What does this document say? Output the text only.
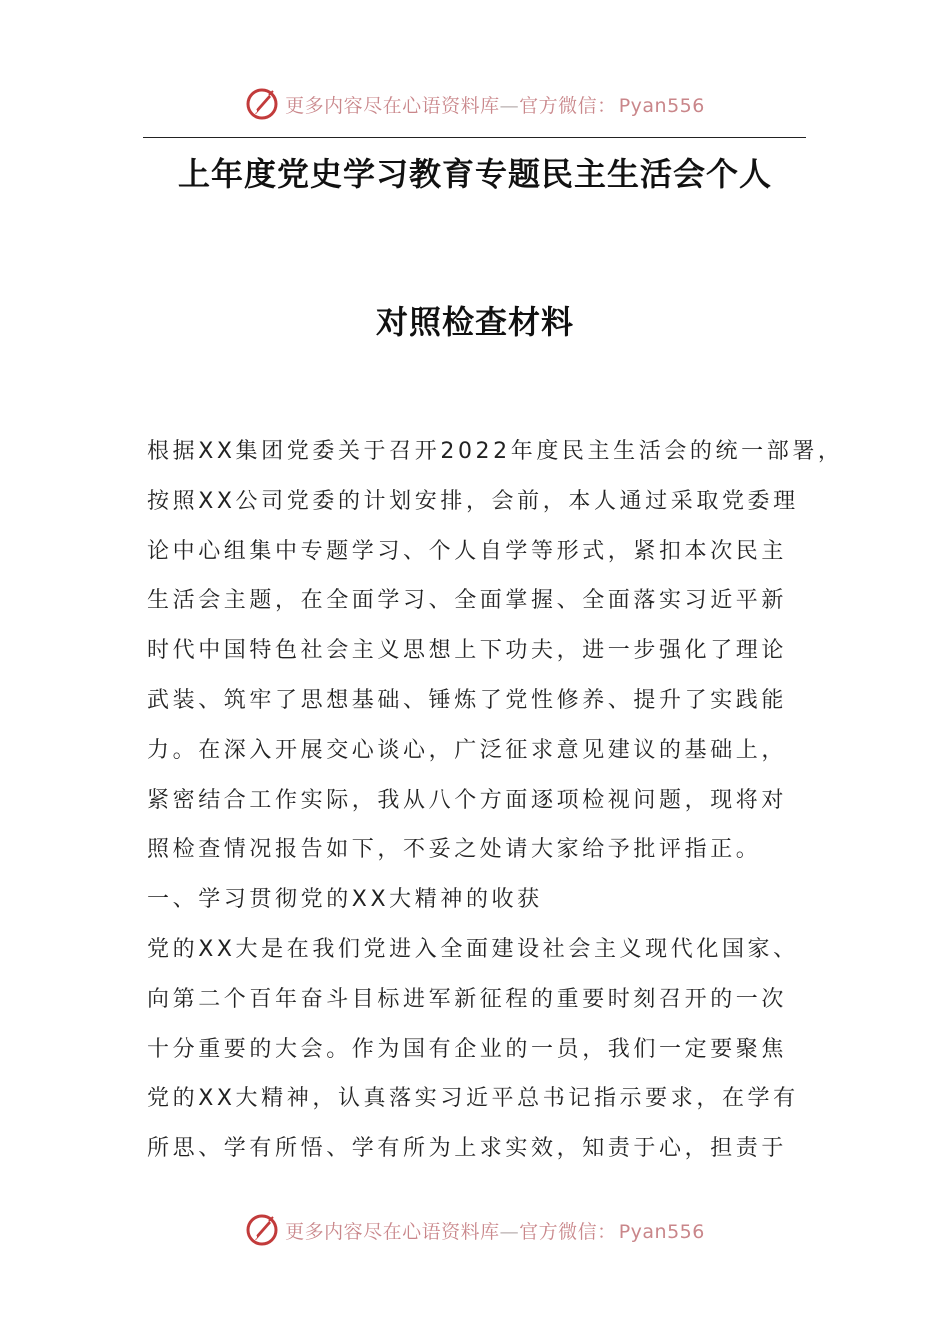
更多内容尽在心语资料库—官方微信： Pyan556
上年度党史学习教育专题民主生活会个人
对照检查材料
根据XX集团党委关于召开2022年度民主生活会的统一部署，
按照XX公司党委的计划安排，会前，本人通过采取党委理
论中心组集中专题学习、个人自学等形式，紧扣本次民主
生活会主题，在全面学习、全面掌握、全面落实习近平新
时代中国特色社会主义思想上下功夫，进一步强化了理论
武装、筑牢了思想基础、锤炼了党性修养、提升了实践能
力。在深入开展交心谈心，广泛征求意见建议的基础上，
紧密结合工作实际，我从八个方面逐项检视问题，现将对
照检查情况报告如下，不妥之处请大家给予批评指正。
一、学习贯彻党的XX大精神的收获
党的XX大是在我们党进入全面建设社会主义现代化国家、
向第二个百年奋斗目标进军新征程的重要时刻召开的一次
十分重要的大会。作为国有企业的一员，我们一定要聚焦
党的XX大精神，认真落实习近平总书记指示要求，在学有
所思、学有所悟、学有所为上求实效，知责于心，担责于
更多内容尽在心语资料库—官方微信： Pyan556
